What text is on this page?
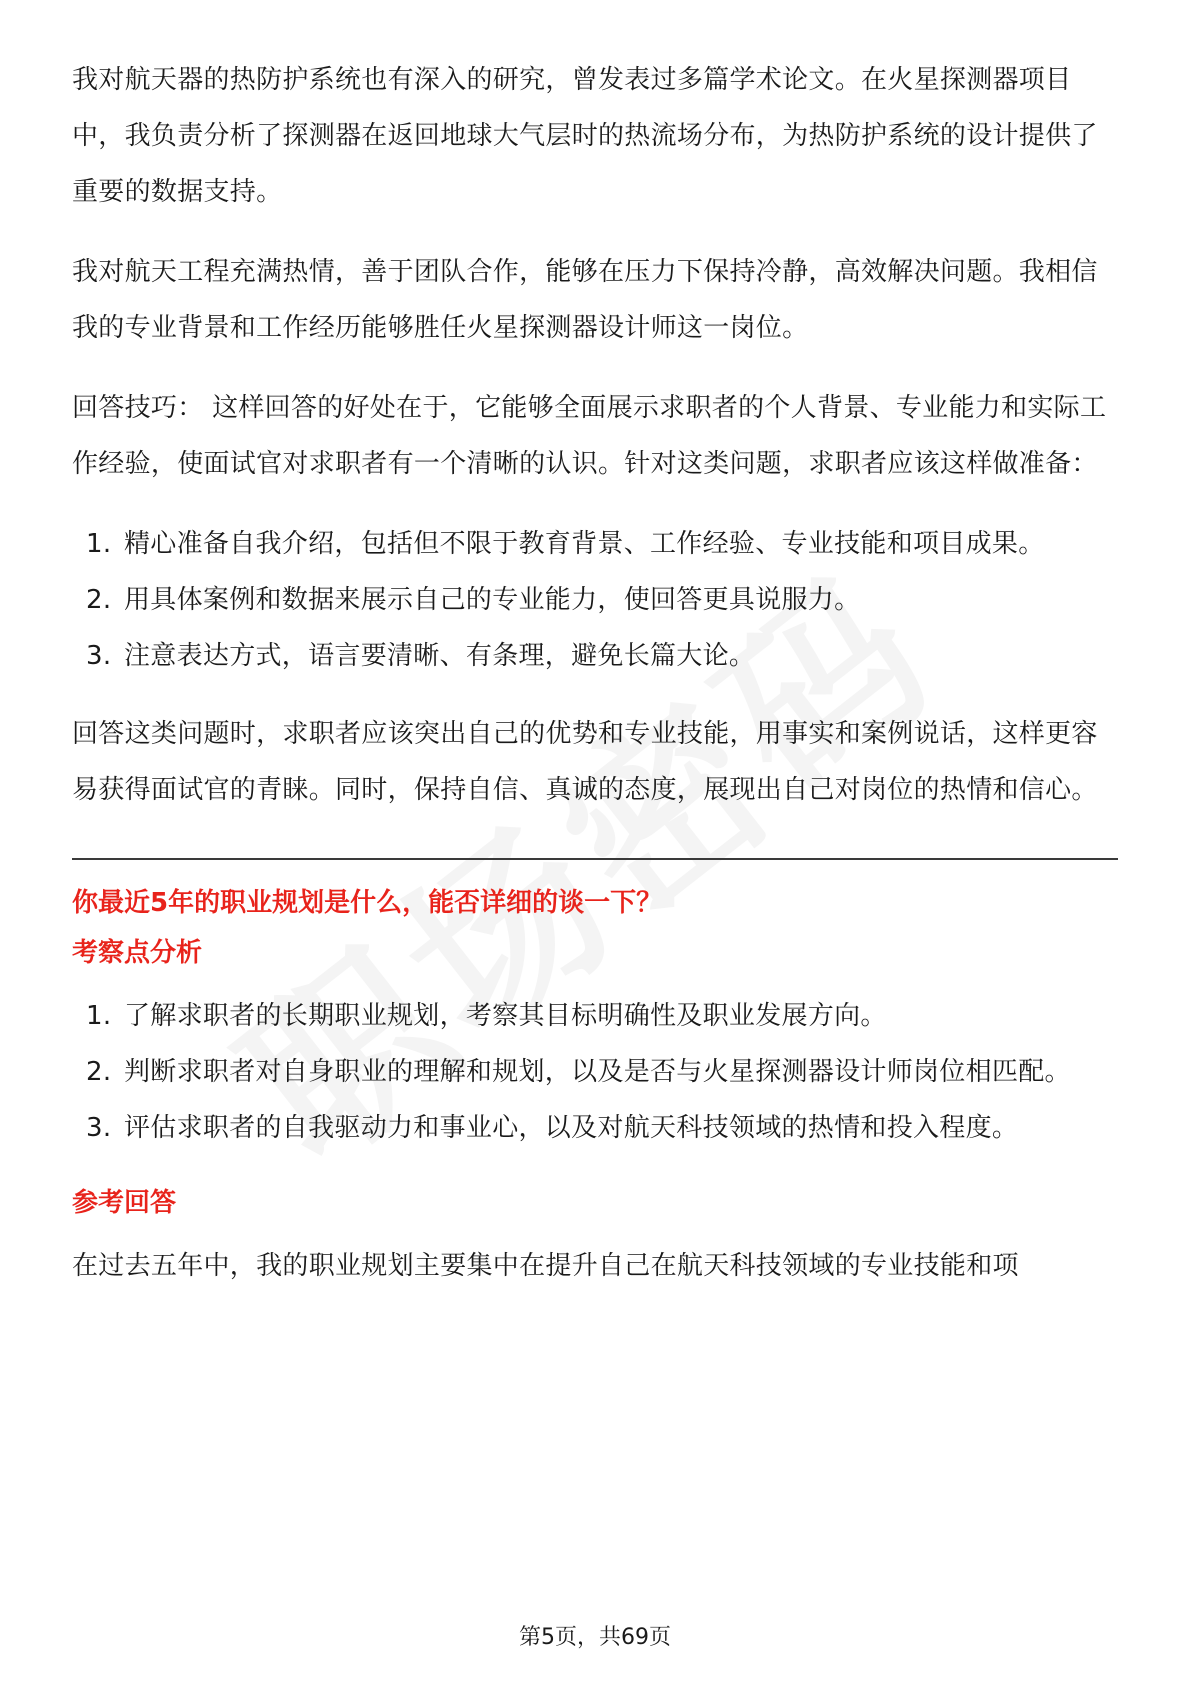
我对航天器的热防护系统也有深入的研究，曾发表过多篇学术论文。在火星探测器项目中，我负责分析了探测器在返回地球大气层时的热流场分布，为热防护系统的设计提供了重要的数据支持。

我对航天工程充满热情，善于团队合作，能够在压力下保持冷静，高效解决问题。我相信我的专业背景和工作经历能够胜任火星探测器设计师这一岗位。

回答技巧： 这样回答的好处在于，它能够全面展示求职者的个人背景、专业能力和实际工作经验，使面试官对求职者有一个清晰的认识。针对这类问题，求职者应该这样做准备：

1. 精心准备自我介绍，包括但不限于教育背景、工作经验、专业技能和项目成果。
2. 用具体案例和数据来展示自己的专业能力，使回答更具说服力。
3. 注意表达方式，语言要清晰、有条理，避免长篇大论。

回答这类问题时，求职者应该突出自己的优势和专业技能，用事实和案例说话，这样更容易获得面试官的青睐。同时，保持自信、真诚的态度，展现出自己对岗位的热情和信心。

你最近5年的职业规划是什么，能否详细的谈一下？
考察点分析
1. 了解求职者的长期职业规划，考察其目标明确性及职业发展方向。
2. 判断求职者对自身职业的理解和规划，以及是否与火星探测器设计师岗位相匹配。
3. 评估求职者的自我驱动力和事业心，以及对航天科技领域的热情和投入程度。
参考回答

在过去五年中，我的职业规划主要集中在提升自己在航天科技领域的专业技能和项

第5页，共69页
